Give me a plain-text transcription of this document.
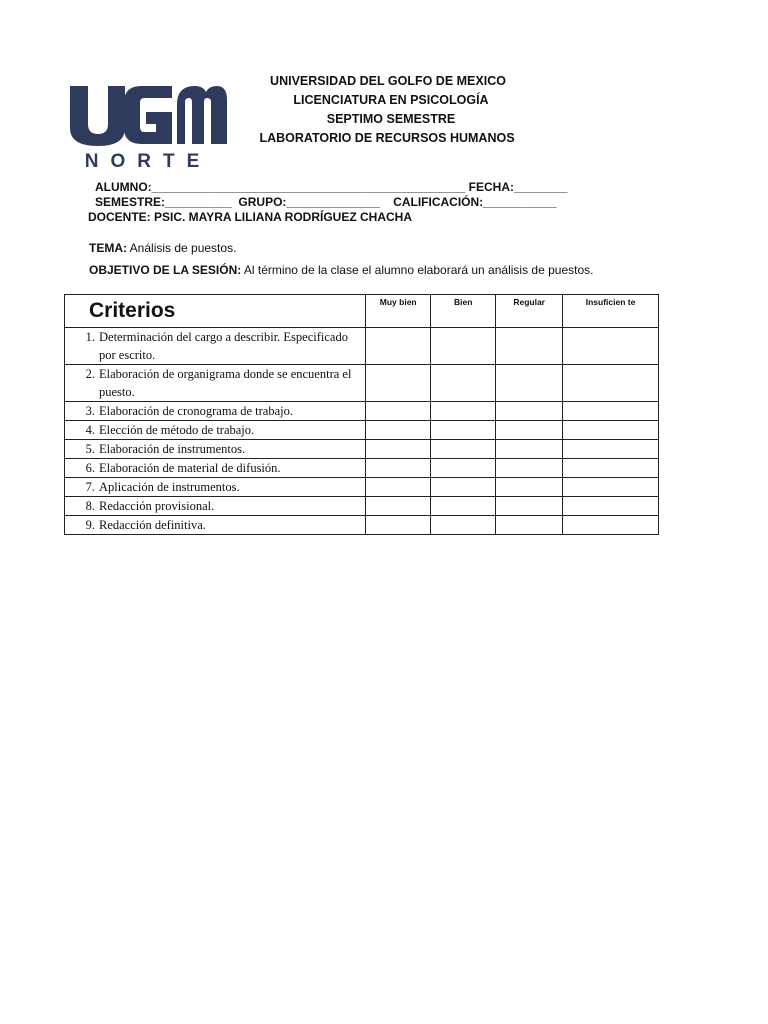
NORTE
UNIVERSIDAD DEL GOLFO DE MEXICO
LICENCIATURA EN PSICOLOGÍA
SEPTIMO SEMESTRE
LABORATORIO DE RECURSOS HUMANOS
ALUMNO:_______________________________________________ FECHA:________
SEMESTRE:__________  GRUPO:______________    CALIFICACIÓN:___________
DOCENTE: PSIC. MAYRA LILIANA RODRÍGUEZ CHACHA
TEMA: Análisis de puestos.
OBJETIVO DE LA SESIÓN: Al término de la clase el alumno elaborará un análisis de puestos.
Criterios	Muy bien	Bien	Regular	Insuficien te

1. Determinación del cargo a describir. Especificado por escrito.				

2. Elaboración de organigrama donde se encuentra el puesto.				

3. Elaboración de cronograma de trabajo.				

4. Elección de método de trabajo.				

5. Elaboración de instrumentos.				

6. Elaboración de material de difusión.				

7. Aplicación de instrumentos.				

8. Redacción provisional.				

9. Redacción definitiva.				
